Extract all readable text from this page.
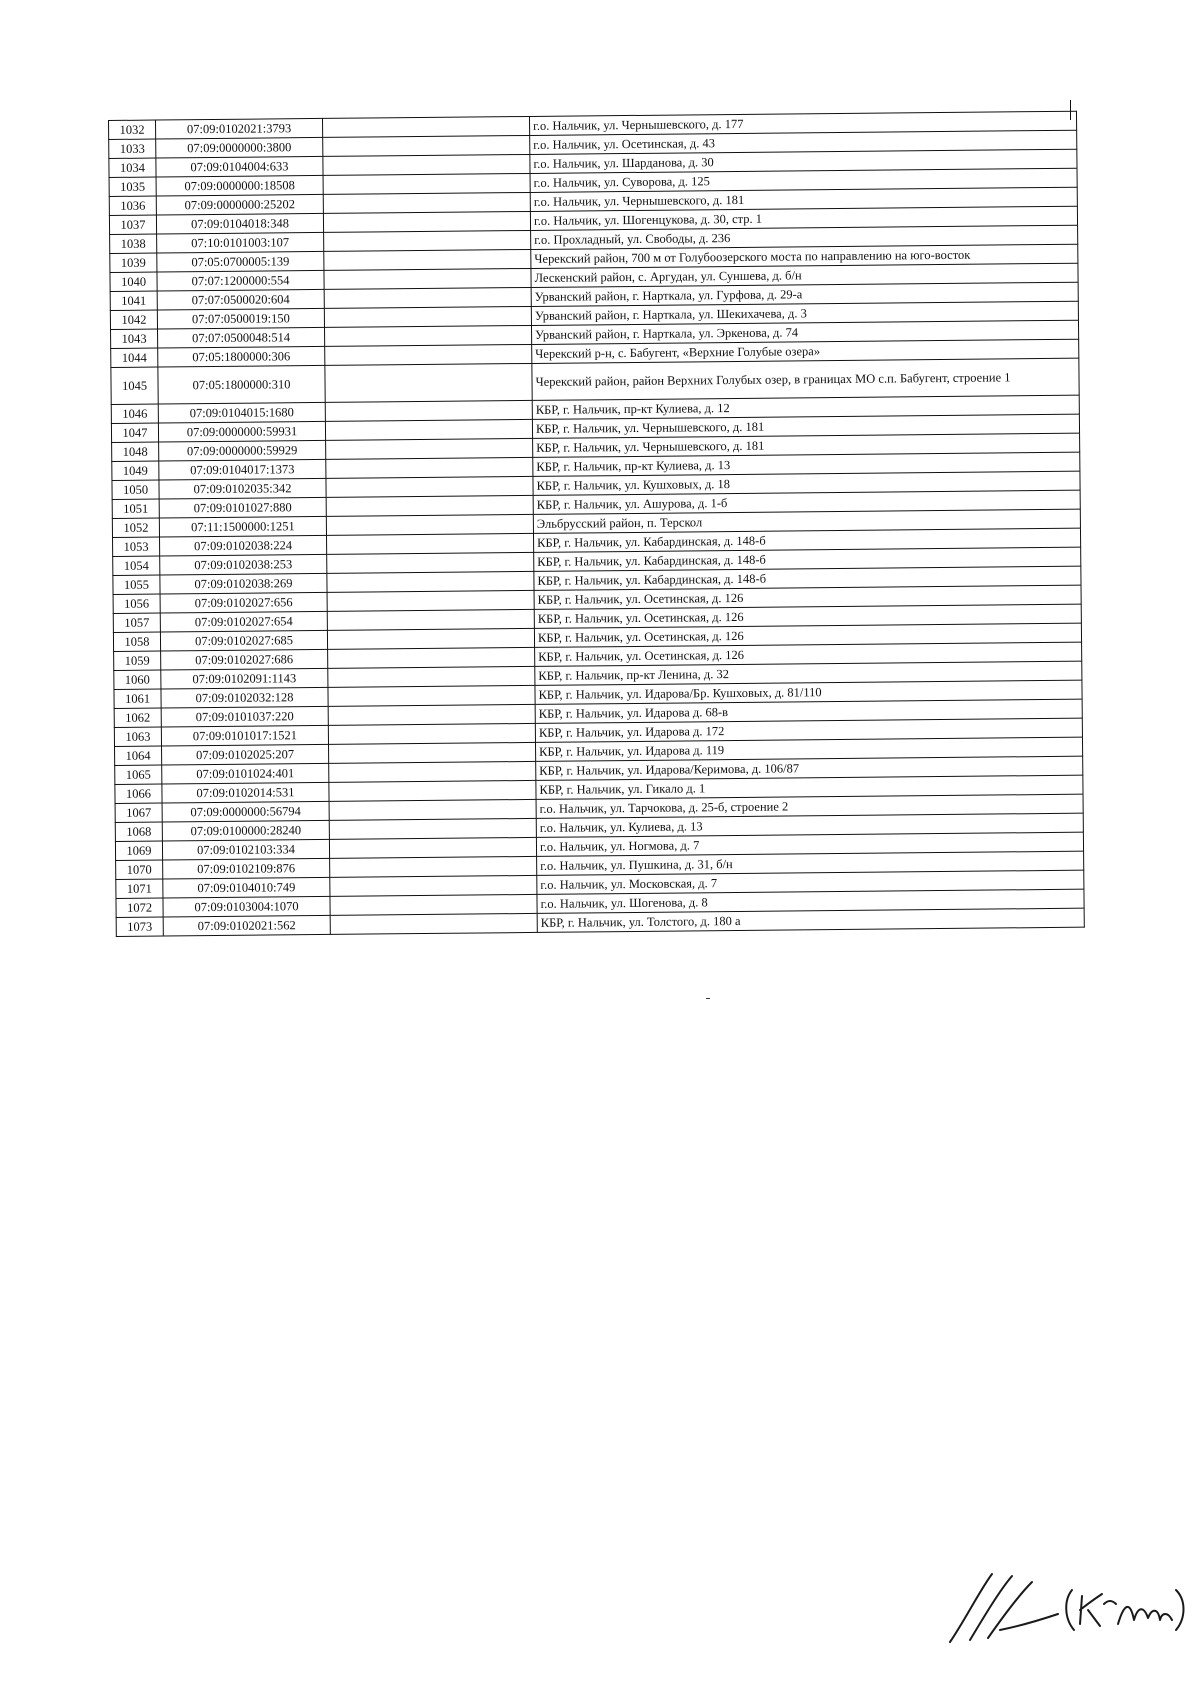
1032	07:09:0102021:3793		г.о. Нальчик, ул. Чернышевского, д. 177
1033	07:09:0000000:3800		г.о. Нальчик, ул. Осетинская, д. 43
1034	07:09:0104004:633		г.о. Нальчик, ул. Шарданова, д. 30
1035	07:09:0000000:18508		г.о. Нальчик, ул. Суворова, д. 125
1036	07:09:0000000:25202		г.о. Нальчик, ул. Чернышевского, д. 181
1037	07:09:0104018:348		г.о. Нальчик, ул. Шогенцукова, д. 30, стр. 1
1038	07:10:0101003:107		г.о. Прохладный, ул. Свободы, д. 236
1039	07:05:0700005:139		Черекский район, 700 м от Голубоозерского моста по направлению на юго-восток
1040	07:07:1200000:554		Лескенский район, с. Аргудан, ул. Суншева, д. б/н
1041	07:07:0500020:604		Урванский район, г. Нарткала, ул. Гурфова, д. 29-а
1042	07:07:0500019:150		Урванский район, г. Нарткала, ул. Шекихачева, д. 3
1043	07:07:0500048:514		Урванский район, г. Нарткала, ул. Эркенова, д. 74
1044	07:05:1800000:306		Черекский р-н, с. Бабугент, «Верхние Голубые озера»
1045	07:05:1800000:310		Черекский район, район Верхних Голубых озер, в границах МО с.п. Бабугент, строение 1
1046	07:09:0104015:1680		КБР, г. Нальчик, пр-кт Кулиева, д. 12
1047	07:09:0000000:59931		КБР, г. Нальчик, ул. Чернышевского, д. 181
1048	07:09:0000000:59929		КБР, г. Нальчик, ул. Чернышевского, д. 181
1049	07:09:0104017:1373		КБР, г. Нальчик, пр-кт Кулиева, д. 13
1050	07:09:0102035:342		КБР, г. Нальчик, ул. Кушховых, д. 18
1051	07:09:0101027:880		КБР, г. Нальчик, ул. Ашурова, д. 1-б
1052	07:11:1500000:1251		Эльбрусский район, п. Терскол
1053	07:09:0102038:224		КБР, г. Нальчик, ул. Кабардинская, д. 148-б
1054	07:09:0102038:253		КБР, г. Нальчик, ул. Кабардинская, д. 148-б
1055	07:09:0102038:269		КБР, г. Нальчик, ул. Кабардинская, д. 148-б
1056	07:09:0102027:656		КБР, г. Нальчик, ул. Осетинская, д. 126
1057	07:09:0102027:654		КБР, г. Нальчик, ул. Осетинская, д. 126
1058	07:09:0102027:685		КБР, г. Нальчик, ул. Осетинская, д. 126
1059	07:09:0102027:686		КБР, г. Нальчик, ул. Осетинская, д. 126
1060	07:09:0102091:1143		КБР, г. Нальчик, пр-кт Ленина, д. 32
1061	07:09:0102032:128		КБР, г. Нальчик, ул. Идарова/Бр. Кушховых, д. 81/110
1062	07:09:0101037:220		КБР, г. Нальчик, ул. Идарова д. 68-в
1063	07:09:0101017:1521		КБР, г. Нальчик, ул. Идарова д. 172
1064	07:09:0102025:207		КБР, г. Нальчик, ул. Идарова д. 119
1065	07:09:0101024:401		КБР, г. Нальчик, ул. Идарова/Керимова, д. 106/87
1066	07:09:0102014:531		КБР, г. Нальчик, ул. Гикало д. 1
1067	07:09:0000000:56794		г.о. Нальчик, ул. Тарчокова, д. 25-б, строение 2
1068	07:09:0100000:28240		г.о. Нальчик, ул. Кулиева, д. 13
1069	07:09:0102103:334		г.о. Нальчик, ул. Ногмова, д. 7
1070	07:09:0102109:876		г.о. Нальчик, ул. Пушкина, д. 31, б/н
1071	07:09:0104010:749		г.о. Нальчик, ул. Московская, д. 7
1072	07:09:0103004:1070		г.о. Нальчик, ул. Шогенова, д. 8
1073	07:09:0102021:562		КБР, г. Нальчик, ул. Толстого, д. 180 а
